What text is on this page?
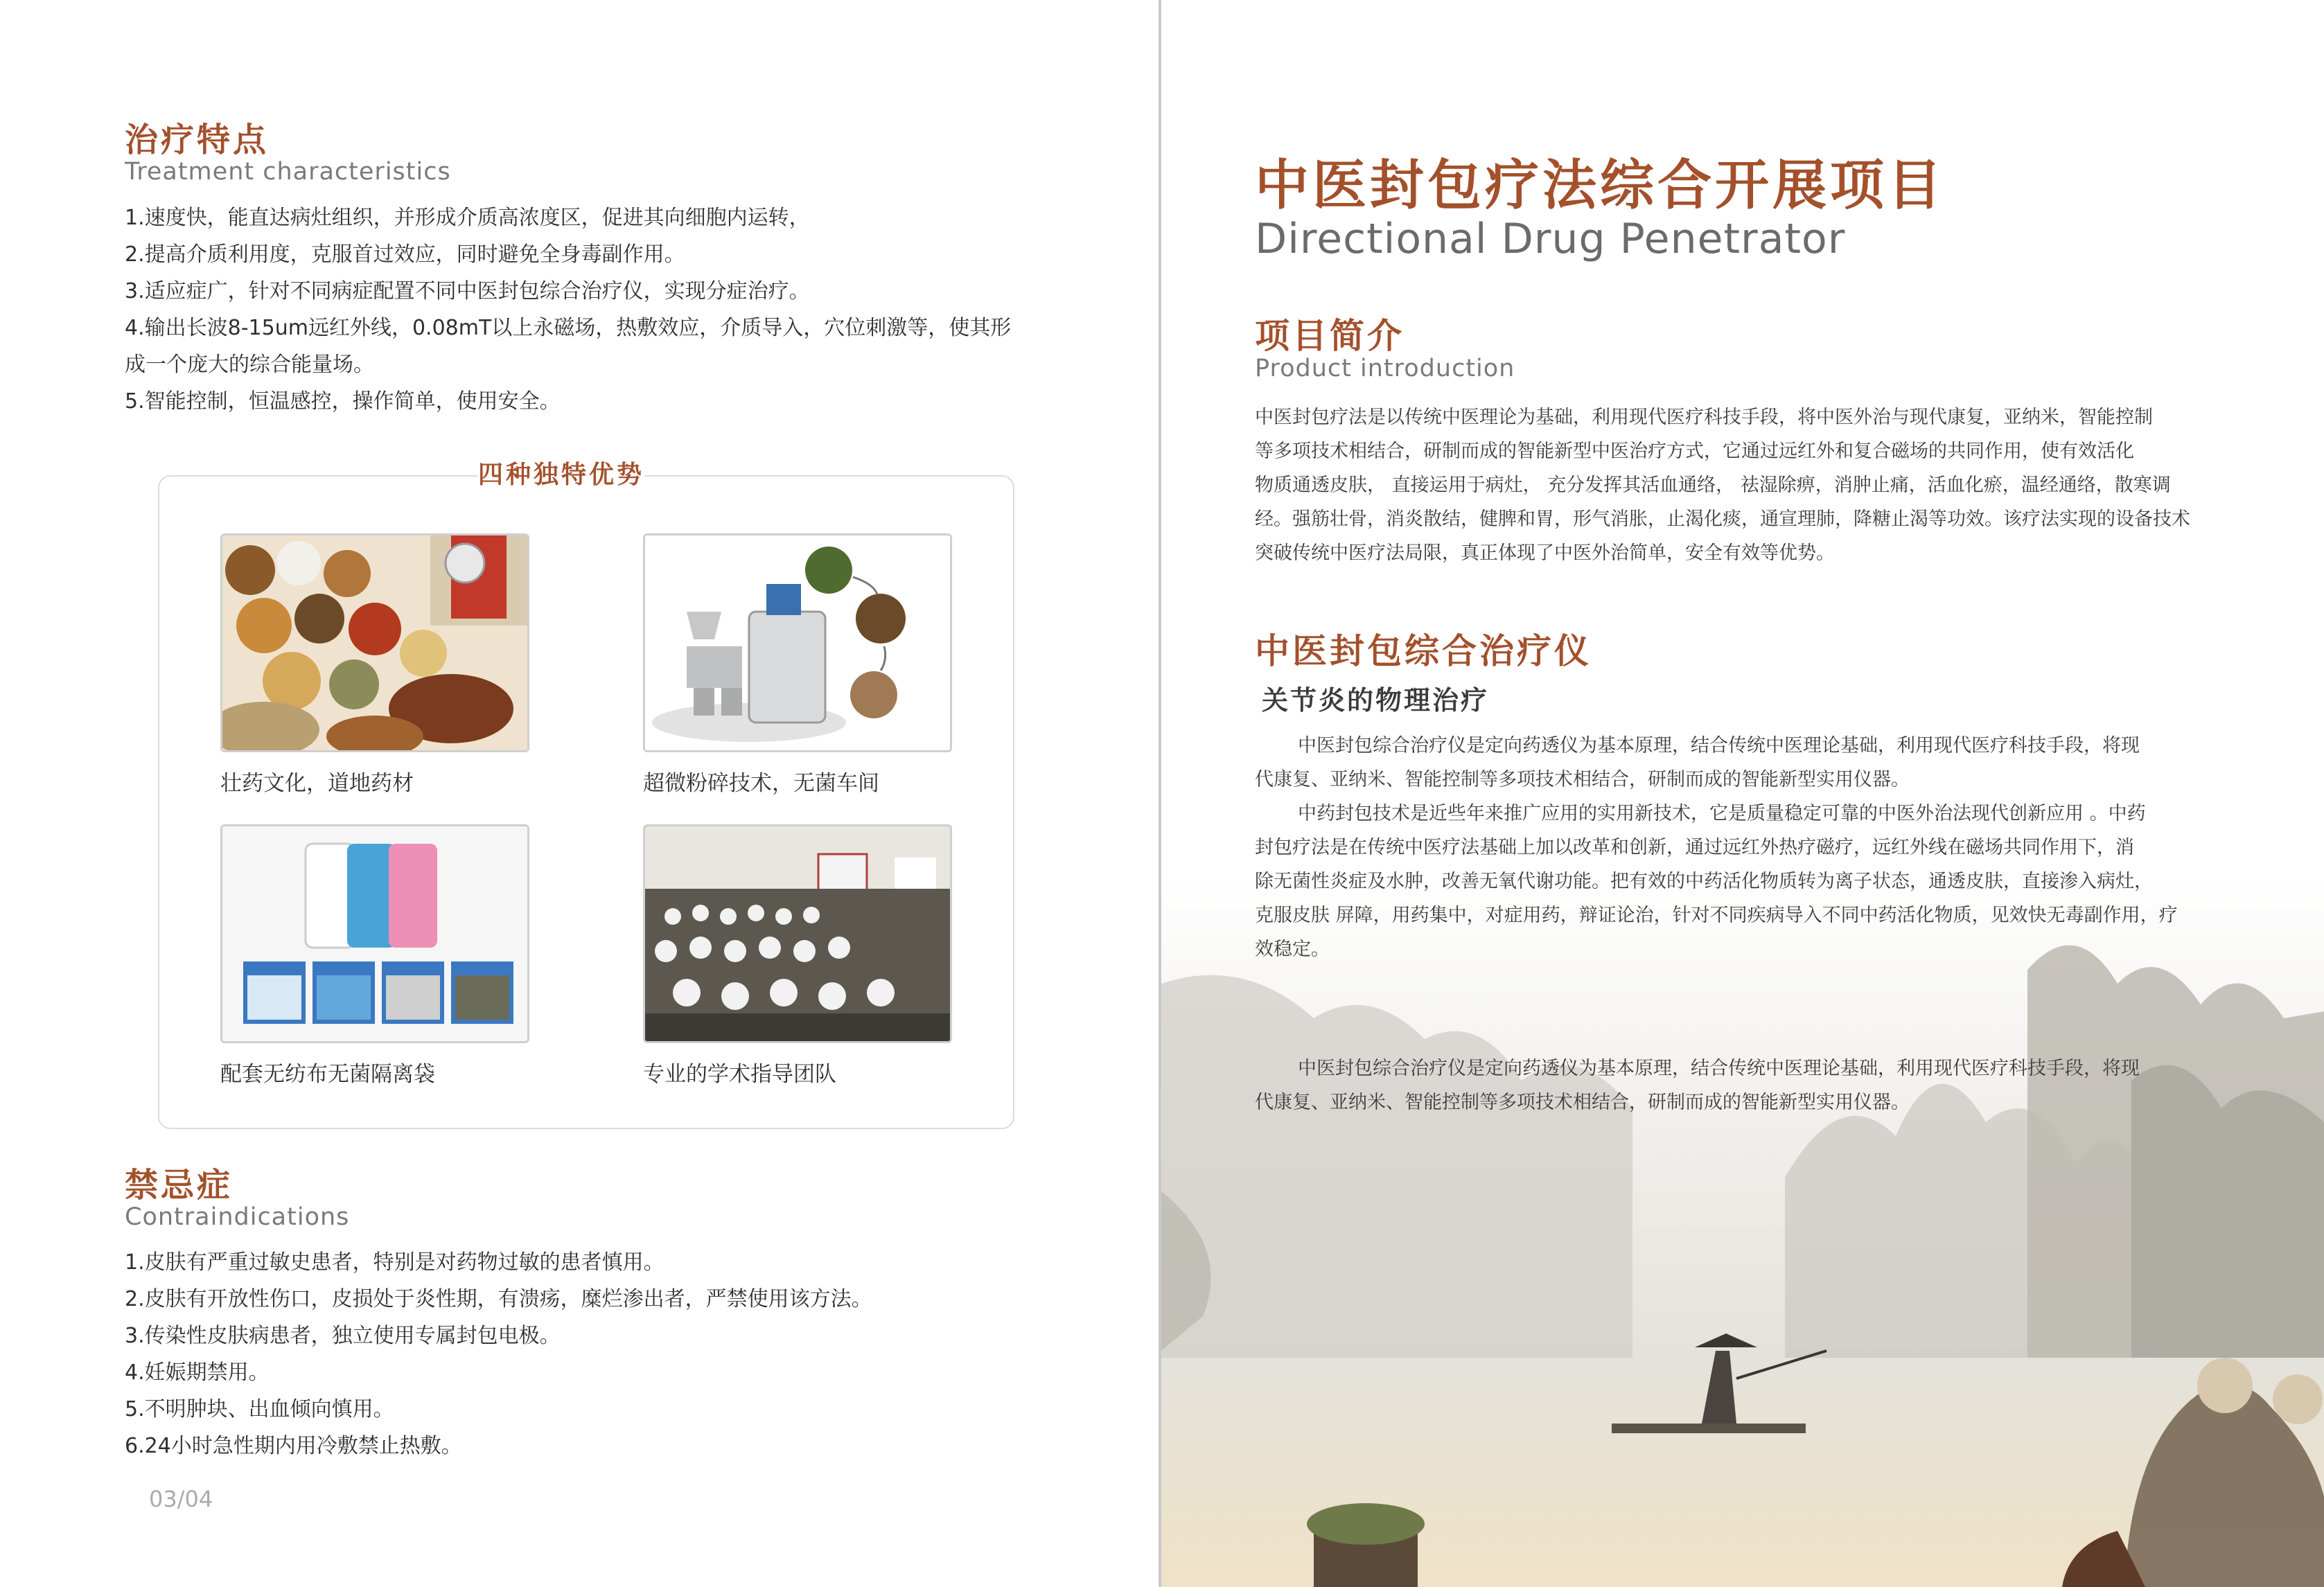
治疗特点
Treatment characteristics
1.速度快，能直达病灶组织，并形成介质高浓度区，促进其向细胞内运转，
2.提高介质利用度，克服首过效应，同时避免全身毒副作用。
3.适应症广，针对不同病症配置不同中医封包综合治疗仪，实现分症治疗。
4.输出长波8-15um远红外线，0.08mT以上永磁场，热敷效应，介质导入，穴位刺激等，使其形
成一个庞大的综合能量场。
5.智能控制，恒温感控，操作简单，使用安全。
四种独特优势
壮药文化，道地药材	超微粉碎技术，无菌车间
配套无纺布无菌隔离袋	专业的学术指导团队
禁忌症
Contraindications
1.皮肤有严重过敏史患者，特别是对药物过敏的患者慎用。
2.皮肤有开放性伤口，皮损处于炎性期，有溃疡，糜烂渗出者，严禁使用该方法。
3.传染性皮肤病患者，独立使用专属封包电极。
4.妊娠期禁用。
5.不明肿块、出血倾向慎用。
6.24小时急性期内用冷敷禁止热敷。
03/04
中医封包疗法综合开展项目
Directional Drug Penetrator
项目简介
Product introduction
中医封包疗法是以传统中医理论为基础，利用现代医疗科技手段，将中医外治与现代康复，亚纳米，智能控制
等多项技术相结合，研制而成的智能新型中医治疗方式，它通过远红外和复合磁场的共同作用，使有效活化
物质通透皮肤， 直接运用于病灶， 充分发挥其活血通络， 祛湿除痹，消肿止痛，活血化瘀，温经通络，散寒调
经。强筋壮骨，消炎散结，健脾和胃，形气消胀，止渴化痰，通宣理肺，降糖止渴等功效。该疗法实现的设备技术
突破传统中医疗法局限，真正体现了中医外治简单，安全有效等优势。
中医封包综合治疗仪
关节炎的物理治疗
中医封包综合治疗仪是定向药透仪为基本原理，结合传统中医理论基础，利用现代医疗科技手段，将现
代康复、亚纳米、智能控制等多项技术相结合，研制而成的智能新型实用仪器。
中药封包技术是近些年来推广应用的实用新技术，它是质量稳定可靠的中医外治法现代创新应用 。中药
封包疗法是在传统中医疗法基础上加以改革和创新，通过远红外热疗磁疗，远红外线在磁场共同作用下，消
除无菌性炎症及水肿，改善无氧代谢功能。把有效的中药活化物质转为离子状态，通透皮肤，直接渗入病灶，
克服皮肤 屏障，用药集中，对症用药，辩证论治，针对不同疾病导入不同中药活化物质，见效快无毒副作用，疗
效稳定。
中医封包综合治疗仪是定向药透仪为基本原理，结合传统中医理论基础，利用现代医疗科技手段，将现
代康复、亚纳米、智能控制等多项技术相结合，研制而成的智能新型实用仪器。
